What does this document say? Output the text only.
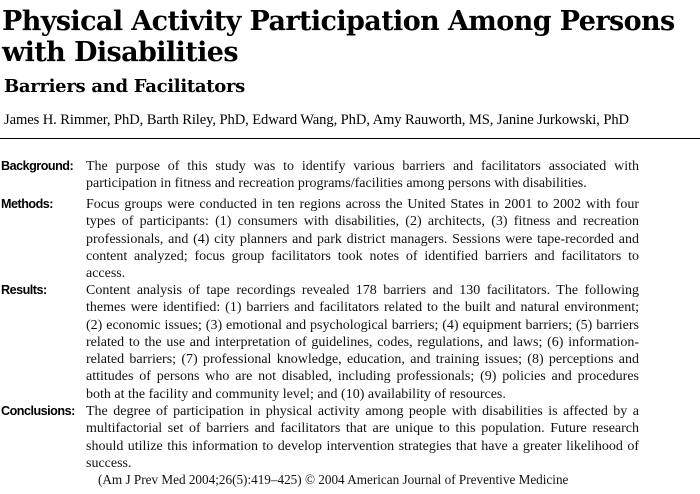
Physical Activity Participation Among Persons with Disabilities
Barriers and Facilitators
James H. Rimmer, PhD, Barth Riley, PhD, Edward Wang, PhD, Amy Rauworth, MS, Janine Jurkowski, PhD
Background: The purpose of this study was to identify various barriers and facilitators associated with participation in fitness and recreation programs/facilities among persons with disabilities.
Methods:	Focus groups were conducted in ten regions across the United States in 2001 to 2002 with four types of participants: (1) consumers with disabilities, (2) architects, (3) fitness and recreation professionals, and (4) city planners and park district managers. Sessions were tape-recorded and content analyzed; focus group facilitators took notes of identified barriers and facilitators to access.
Results:	Content analysis of tape recordings revealed 178 barriers and 130 facilitators. The following themes were identified: (1) barriers and facilitators related to the built and natural environment; (2) economic issues; (3) emotional and psychological barriers; (4) equipment barriers; (5) barriers related to the use and interpretation of guidelines, codes, regulations, and laws; (6) information-related barriers; (7) professional knowledge, education, and training issues; (8) perceptions and attitudes of persons who are not disabled, including professionals; (9) policies and procedures both at the facility and community level; and (10) availability of resources.
Conclusions: The degree of participation in physical activity among people with disabilities is affected by a multifactorial set of barriers and facilitators that are unique to this population. Future research should utilize this information to develop intervention strategies that have a greater likelihood of success.
(Am J Prev Med 2004;26(5):419–425) © 2004 American Journal of Preventive Medicine
